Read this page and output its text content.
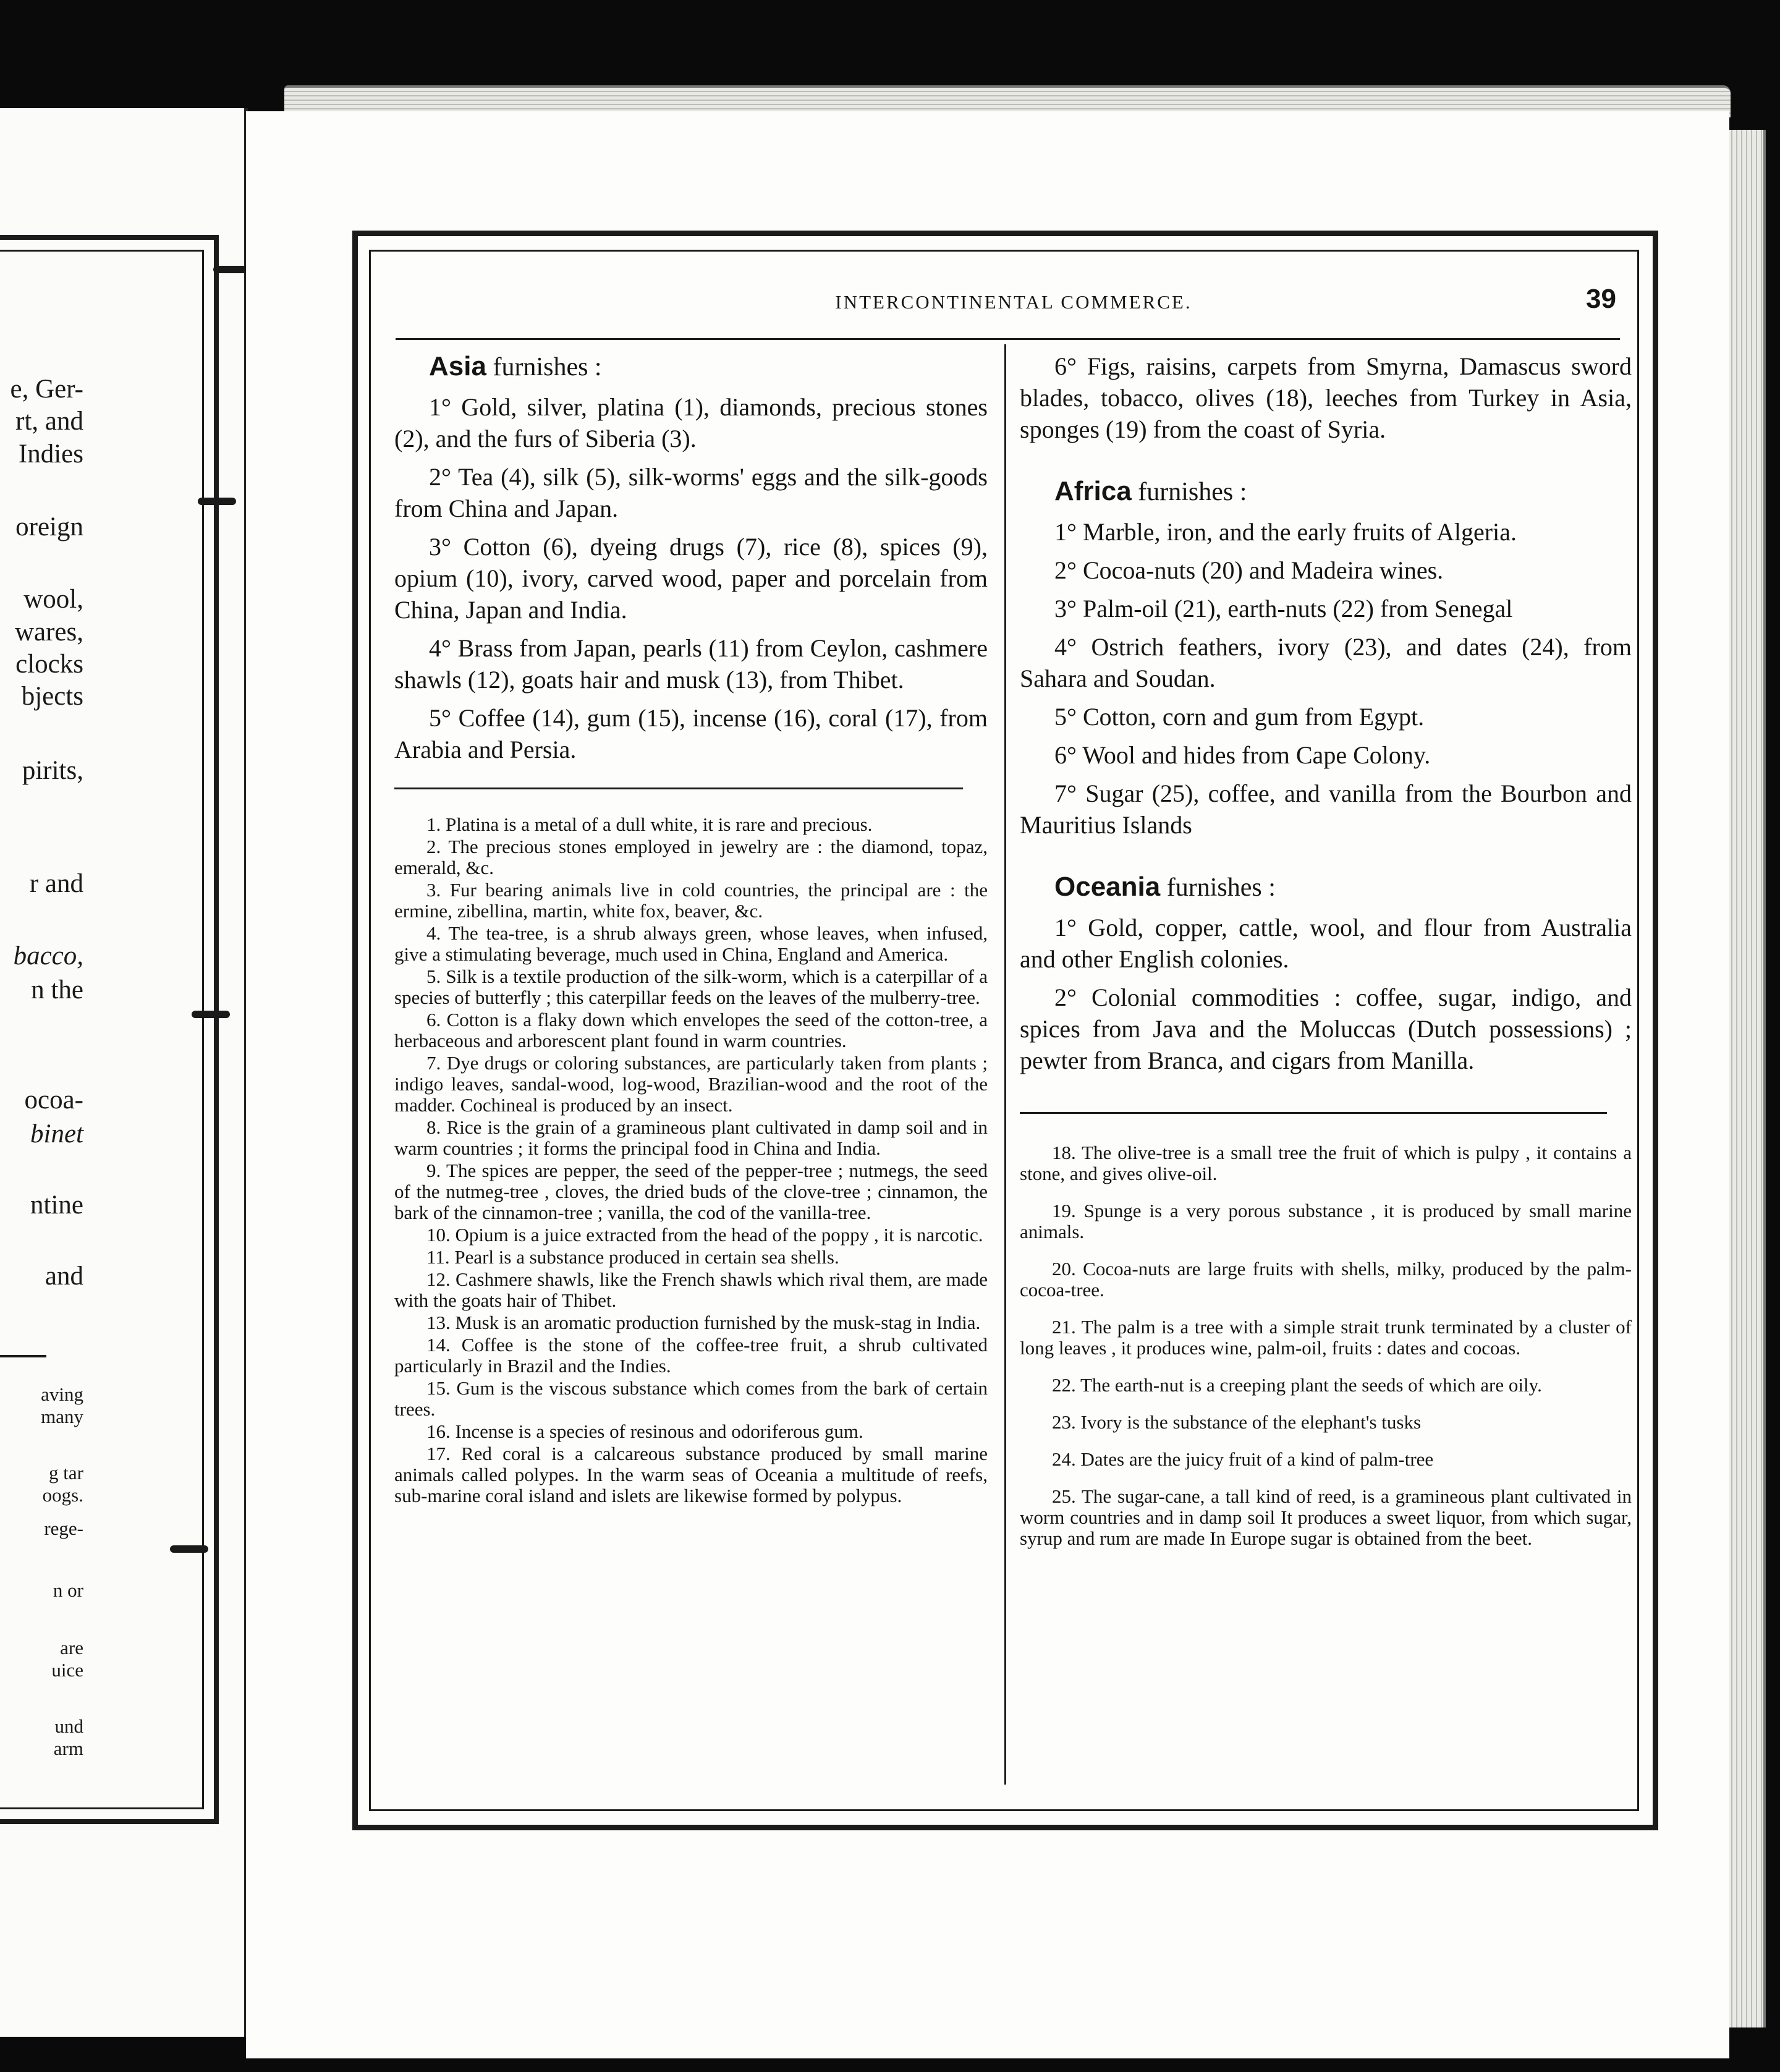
e, Ger-
rt, and
Indies
oreign
wool,
wares,
clocks
bjects
pirits,
r and
bacco,
n the
ocoa-
binet
ntine
and
aving
many
g tar
oogs.
rege-
n or
are
uice
und
arm
INTERCONTINENTAL COMMERCE.	39
Asia furnishes :

1° Gold, silver, platina (1), diamonds, precious stones (2), and the furs of Siberia (3).

2° Tea (4), silk (5), silk-worms' eggs and the silk-goods from China and Japan.

3° Cotton (6), dyeing drugs (7), rice (8), spices (9), opium (10), ivory, carved wood, paper and porcelain from China, Japan and India.

4° Brass from Japan, pearls (11) from Ceylon, cashmere shawls (12), goats hair and musk (13), from Thibet.

5° Coffee (14), gum (15), incense (16), coral (17), from Arabia and Persia.

1. Platina is a metal of a dull white, it is rare and precious.

2. The precious stones employed in jewelry are : the diamond, topaz, emerald, &c.

3. Fur bearing animals live in cold countries, the principal are : the ermine, zibellina, martin, white fox, beaver, &c.

4. The tea-tree, is a shrub always green, whose leaves, when infused, give a stimulating beverage, much used in China, England and America.

5. Silk is a textile production of the silk-worm, which is a caterpillar of a species of butterfly ; this caterpillar feeds on the leaves of the mulberry-tree.

6. Cotton is a flaky down which envelopes the seed of the cotton-tree, a herbaceous and arborescent plant found in warm countries.

7. Dye drugs or coloring substances, are particularly taken from plants ; indigo leaves, sandal-wood, log-wood, Brazilian-wood and the root of the madder. Cochineal is produced by an insect.

8. Rice is the grain of a gramineous plant cultivated in damp soil and in warm countries ; it forms the principal food in China and India.

9. The spices are pepper, the seed of the pepper-tree ; nutmegs, the seed of the nutmeg-tree , cloves, the dried buds of the clove-tree ; cinnamon, the bark of the cinnamon-tree ; vanilla, the cod of the vanilla-tree.

10. Opium is a juice extracted from the head of the poppy , it is narcotic.

11. Pearl is a substance produced in certain sea shells.

12. Cashmere shawls, like the French shawls which rival them, are made with the goats hair of Thibet.

13. Musk is an aromatic production furnished by the musk-stag in India.

14. Coffee is the stone of the coffee-tree fruit, a shrub cultivated particularly in Brazil and the Indies.

15. Gum is the viscous substance which comes from the bark of certain trees.

16. Incense is a species of resinous and odoriferous gum.

17. Red coral is a calcareous substance produced by small marine animals called polypes. In the warm seas of Oceania a multitude of reefs, sub-marine coral island and islets are likewise formed by polypus.

6° Figs, raisins, carpets from Smyrna, Damascus sword blades, tobacco, olives (18), leeches from Turkey in Asia, sponges (19) from the coast of Syria.

Africa furnishes :

1° Marble, iron, and the early fruits of Algeria.

2° Cocoa-nuts (20) and Madeira wines.

3° Palm-oil (21), earth-nuts (22) from Senegal

4° Ostrich feathers, ivory (23), and dates (24), from Sahara and Soudan.

5° Cotton, corn and gum from Egypt.

6° Wool and hides from Cape Colony.

7° Sugar (25), coffee, and vanilla from the Bourbon and Mauritius Islands

Oceania furnishes :

1° Gold, copper, cattle, wool, and flour from Australia and other English colonies.

2° Colonial commodities : coffee, sugar, indigo, and spices from Java and the Moluccas (Dutch possessions) ; pewter from Branca, and cigars from Manilla.

18. The olive-tree is a small tree the fruit of which is pulpy , it contains a stone, and gives olive-oil.

19. Spunge is a very porous substance , it is produced by small marine animals.

20. Cocoa-nuts are large fruits with shells, milky, produced by the palm-cocoa-tree.

21. The palm is a tree with a simple strait trunk terminated by a cluster of long leaves , it produces wine, palm-oil, fruits : dates and cocoas.

22. The earth-nut is a creeping plant the seeds of which are oily.

23. Ivory is the substance of the elephant's tusks

24. Dates are the juicy fruit of a kind of palm-tree

25. The sugar-cane, a tall kind of reed, is a gramineous plant cultivated in worm countries and in damp soil It produces a sweet liquor, from which sugar, syrup and rum are made In Europe sugar is obtained from the beet.
